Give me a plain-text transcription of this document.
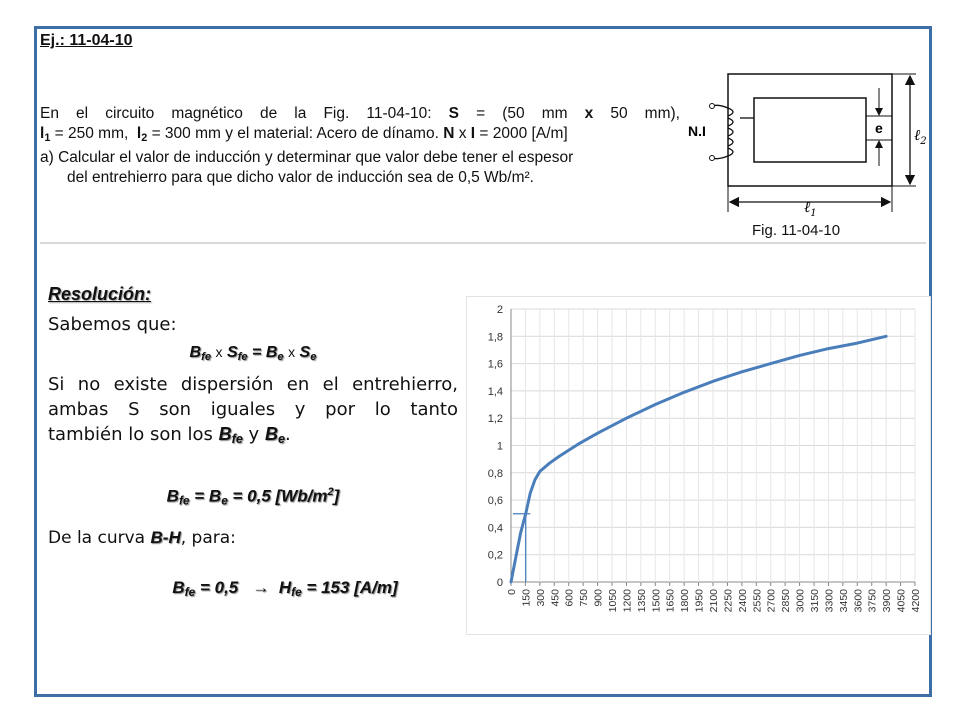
Ej.: 11-04-10
En el circuito magnético de la Fig. 11-04-10: S = (50 mm x 50 mm),
$l_1 = 250$ mm,  $l_2 = 300$ mm y el material: Acero de dínamo. N x I = 2000 [A/m]
a) Calcular el valor de inducción y determinar que valor debe tener el espesor
del entrehierro para que dicho valor de inducción sea de 0,5 Wb/m².
e
N.I	ℓ$_2$
ℓ$_1$
Fig. 11-04-10
Resolución:
Sabemos que:
$B_{fe}$ x $S_{fe} = B_e$ x $S_e$
Si no existe dispersión en el entrehierro,
ambas S son iguales y por lo tanto
también lo son los $B_{fe}$ y $B_e$.
$B_{fe} = B_e = 0,5$ $[Wb/m^2]$
De la curva B-H, para:
$B_{fe} = 0,5 \to H_{fe} = 153$ [A/m]	0
0,2
0,4
0,6
0,8
1
1,2
1,4
1,6
1,8
2
0 150 300 450 600 750 900 1050 1200 1350 1500 1650 1800 1950 2100 2250 2400 2550 2700 2850 3000 3150 3300 3450 3600 3750 3900 4050 4200
